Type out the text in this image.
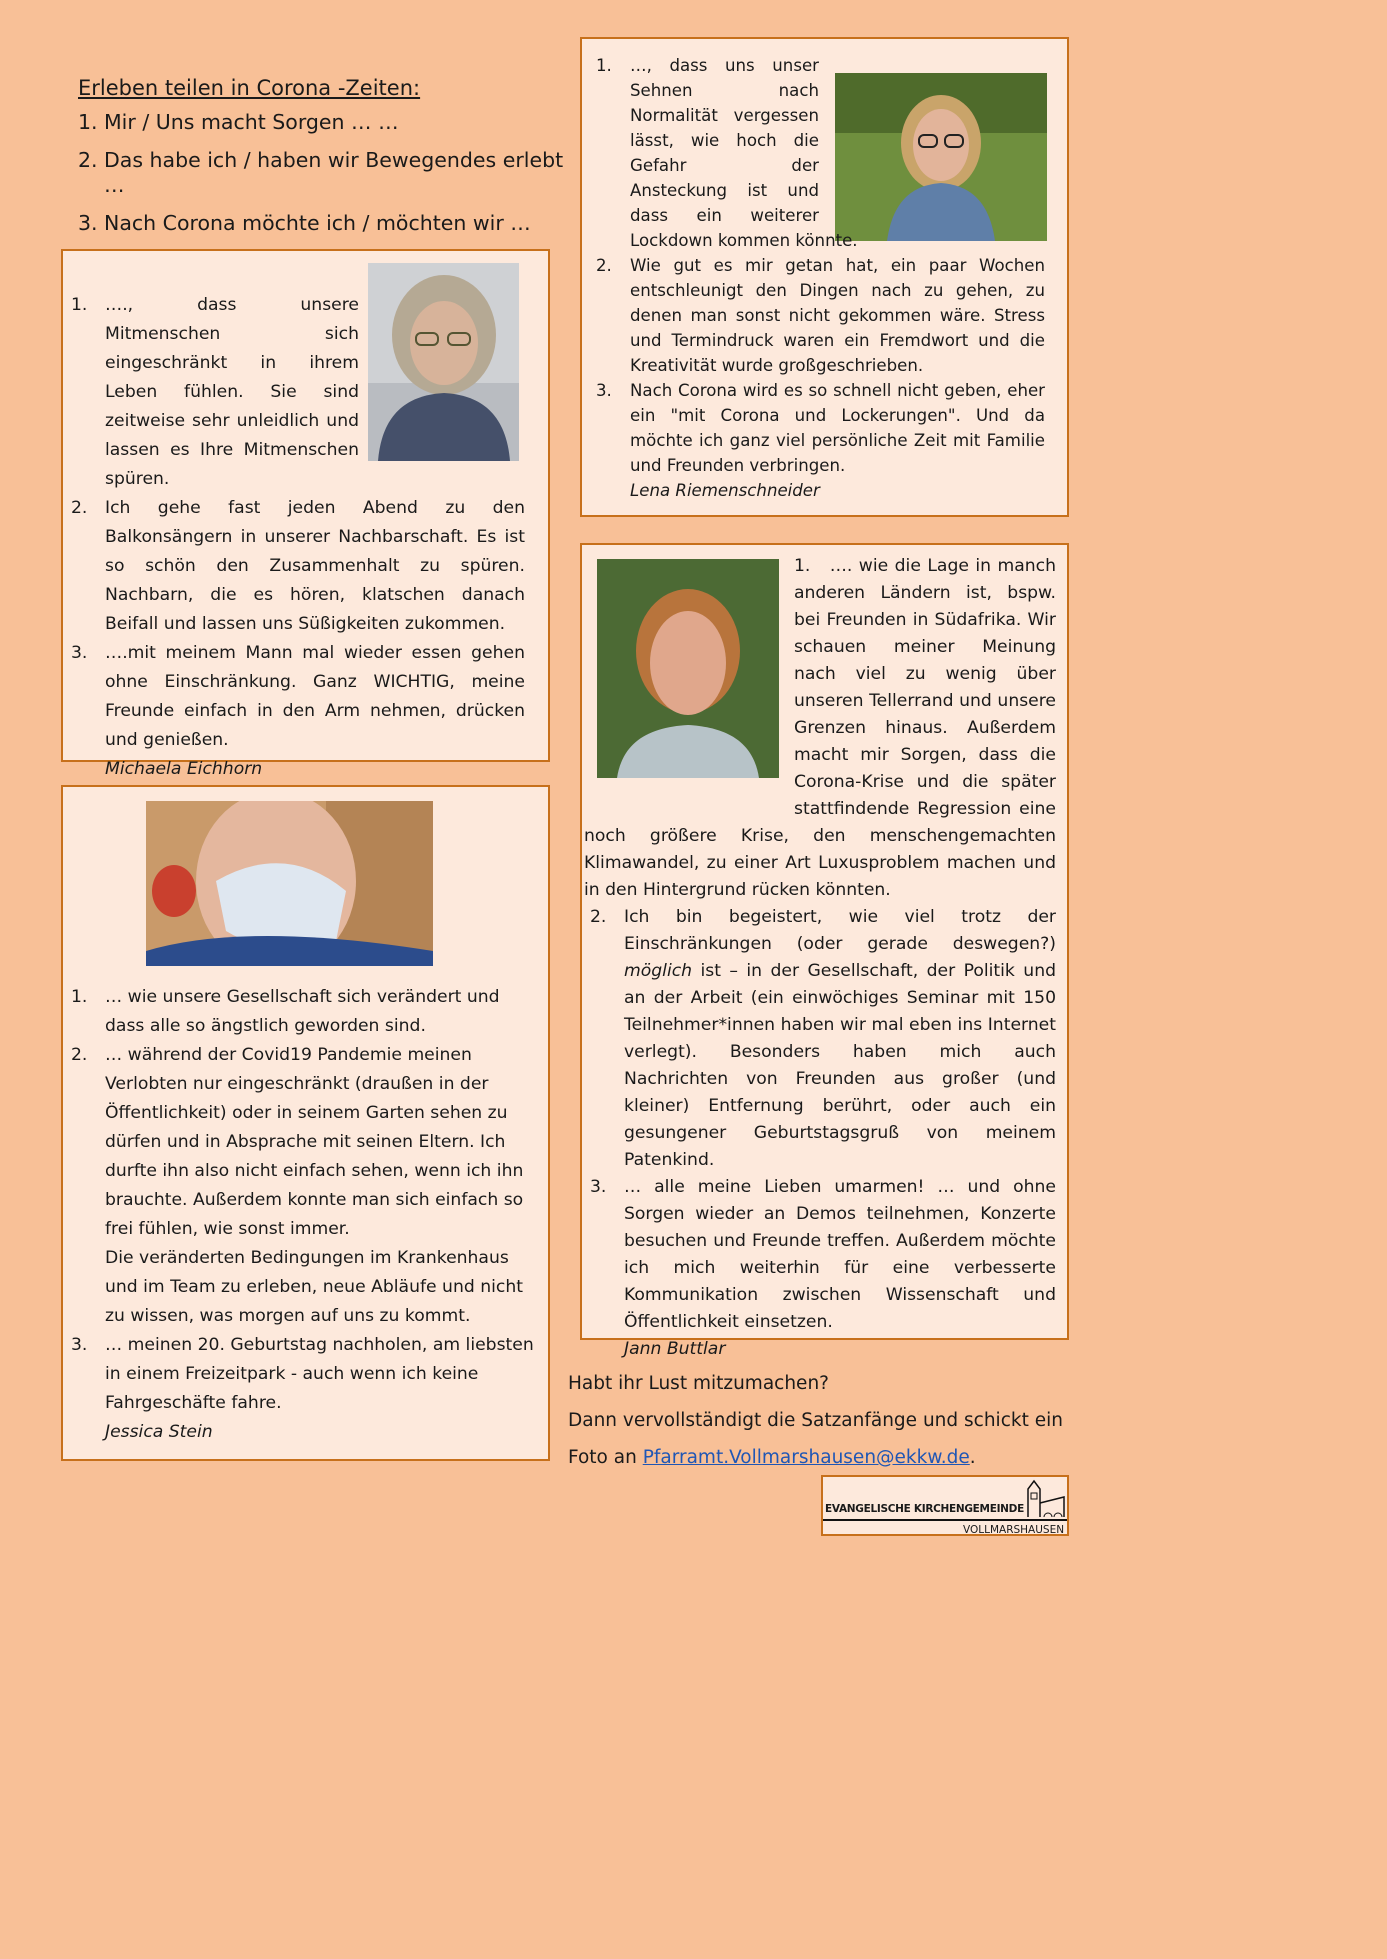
Erleben teilen in Corona -Zeiten:
1. Mir / Uns macht Sorgen … …
2. Das habe ich / haben wir Bewegendes erlebt …
3. Nach Corona möchte ich / möchten wir …
1. …., dass unsere Mitmenschen sich eingeschränkt in ihrem Leben fühlen. Sie sind zeitweise sehr unleidlich und lassen es Ihre Mitmenschen spüren.
2. Ich gehe fast jeden Abend zu den Balkonsängern in unserer Nachbarschaft. Es ist so schön den Zusammenhalt zu spüren. Nachbarn, die es hören, klatschen danach Beifall und lassen uns Süßigkeiten zukommen.
3. ….mit meinem Mann mal wieder essen gehen ohne Einschränkung. Ganz WICHTIG, meine Freunde einfach in den Arm nehmen, drücken und genießen.
Michaela Eichhorn
1. …, dass uns unser Sehnen nach Normalität vergessen lässt, wie hoch die Gefahr der Ansteckung ist und dass ein weiterer Lockdown kommen könnte.
2. Wie gut es mir getan hat, ein paar Wochen entschleunigt den Dingen nach zu gehen, zu denen man sonst nicht gekommen wäre. Stress und Termindruck waren ein Fremdwort und die Kreativität wurde großgeschrieben.
3. Nach Corona wird es so schnell nicht geben, eher ein "mit Corona und Lockerungen". Und da möchte ich ganz viel persönliche Zeit mit Familie und Freunden verbringen.
Lena Riemenschneider
1. … wie unsere Gesellschaft sich verändert und dass alle so ängstlich geworden sind.
2. … während der Covid19 Pandemie meinen Verlobten nur eingeschränkt (draußen in der Öffentlichkeit) oder in seinem Garten sehen zu dürfen und in Absprache mit seinen Eltern. Ich durfte ihn also nicht einfach sehen, wenn ich ihn brauchte. Außerdem konnte man sich einfach so frei fühlen, wie sonst immer.
Die veränderten Bedingungen im Krankenhaus und im Team zu erleben, neue Abläufe und nicht zu wissen, was morgen auf uns zu kommt.
3. … meinen 20. Geburtstag nachholen, am liebsten in einem Freizeitpark - auch wenn ich keine Fahrgeschäfte fahre.
Jessica Stein
1. …. wie die Lage in manch anderen Ländern ist, bspw. bei Freunden in Südafrika. Wir schauen meiner Meinung nach viel zu wenig über unseren Tellerrand und unsere Grenzen hinaus. Außerdem macht mir Sorgen, dass die Corona-Krise und die später stattfindende Regression eine noch größere Krise, den menschengemachten Klimawandel, zu einer Art Luxusproblem machen und in den Hintergrund rücken könnten.
2. Ich bin begeistert, wie viel trotz der Einschränkungen (oder gerade deswegen?) möglich ist – in der Gesellschaft, der Politik und an der Arbeit (ein einwöchiges Seminar mit 150 Teilnehmer*innen haben wir mal eben ins Internet verlegt). Besonders haben mich auch Nachrichten von Freunden aus großer (und kleiner) Entfernung berührt, oder auch ein gesungener Geburtstagsgruß von meinem Patenkind.
3. … alle meine Lieben umarmen! … und ohne Sorgen wieder an Demos teilnehmen, Konzerte besuchen und Freunde treffen. Außerdem möchte ich mich weiterhin für eine verbesserte Kommunikation zwischen Wissenschaft und Öffentlichkeit einsetzen.
Jann Buttlar
Habt ihr Lust mitzumachen?
Dann vervollständigt die Satzanfänge und schickt ein
Foto an Pfarramt.Vollmarshausen@ekkw.de.
EVANGELISCHE KIRCHENGEMEINDE
VOLLMARSHAUSEN
